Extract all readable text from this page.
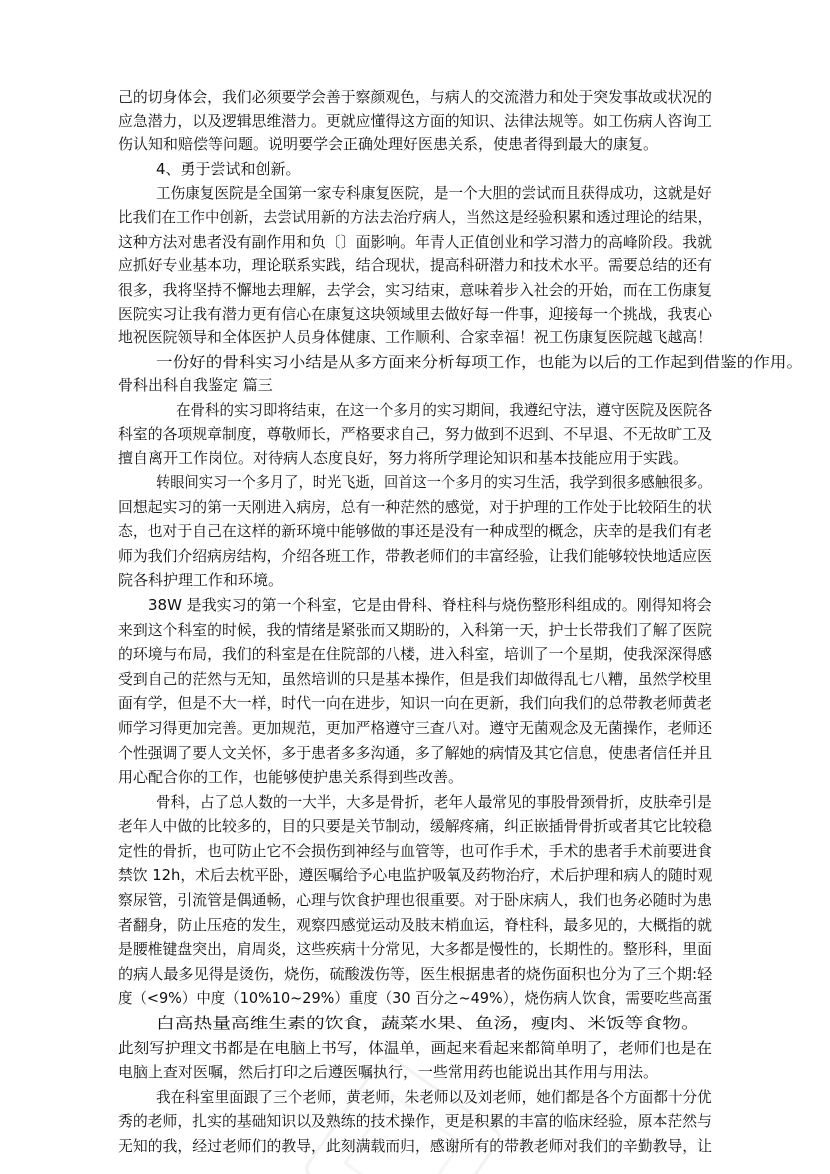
己的切身体会，我们必须要学会善于察颜观色，与病人的交流潜力和处于突发事故或状况的
应急潜力，以及逻辑思维潜力。更就应懂得这方面的知识、法律法规等。如工伤病人咨询工
伤认知和赔偿等问题。说明要学会正确处理好医患关系，使患者得到最大的康复。
4、勇于尝试和创新。
工伤康复医院是全国第一家专科康复医院，是一个大胆的尝试而且获得成功，这就是好
比我们在工作中创新，去尝试用新的方法去治疗病人，当然这是经验积累和透过理论的结果，
这种方法对患者没有副作用和负〔〕面影响。年青人正值创业和学习潜力的高峰阶段。我就
应抓好专业基本功，理论联系实践，结合现状，提高科研潜力和技术水平。需要总结的还有
很多，我将坚持不懈地去理解，去学会，实习结束，意味着步入社会的开始，而在工伤康复
医院实习让我有潜力更有信心在康复这块领域里去做好每一件事，迎接每一个挑战，我衷心
地祝医院领导和全体医护人员身体健康、工作顺利、合家幸福！祝工伤康复医院越飞越高！
一份好的骨科实习小结是从多方面来分析每项工作，也能为以后的工作起到借鉴的作用。
骨科出科自我鉴定 篇三
在骨科的实习即将结束，在这一个多月的实习期间，我遵纪守法，遵守医院及医院各
科室的各项规章制度，尊敬师长，严格要求自己，努力做到不迟到、不早退、不无故旷工及
擅自离开工作岗位。对待病人态度良好，努力将所学理论知识和基本技能应用于实践。
转眼间实习一个多月了，时光飞逝，回首这一个多月的实习生活，我学到很多感触很多。
回想起实习的第一天刚进入病房，总有一种茫然的感觉，对于护理的工作处于比较陌生的状
态，也对于自己在这样的新环境中能够做的事还是没有一种成型的概念，庆幸的是我们有老
师为我们介绍病房结构，介绍各班工作，带教老师们的丰富经验，让我们能够较快地适应医
院各科护理工作和环境。
38W 是我实习的第一个科室，它是由骨科、脊柱科与烧伤整形科组成的。刚得知将会
来到这个科室的时候，我的情绪是紧张而又期盼的，入科第一天，护士长带我们了解了医院
的环境与布局，我们的科室是在住院部的八楼，进入科室，培训了一个星期，使我深深得感
受到自己的茫然与无知，虽然培训的只是基本操作，但是我们却做得乱七八糟，虽然学校里
面有学，但是不大一样，时代一向在进步，知识一向在更新，我们向我们的总带教老师黄老
师学习得更加完善。更加规范，更加严格遵守三查八对。遵守无菌观念及无菌操作，老师还
个性强调了要人文关怀，多于患者多多沟通，多了解她的病情及其它信息，使患者信任并且
用心配合你的工作，也能够使护患关系得到些改善。
骨科，占了总人数的一大半，大多是骨折，老年人最常见的事股骨颈骨折，皮肤牵引是
老年人中做的比较多的，目的只要是关节制动，缓解疼痛，纠正嵌插骨骨折或者其它比较稳
定性的骨折，也可防止它不会损伤到神经与血管等，也可作手术，手术的患者手术前要进食
禁饮 12h，术后去枕平卧，遵医嘱给予心电监护吸氧及药物治疗，术后护理和病人的随时观
察尿管，引流管是偶通畅，心理与饮食护理也很重要。对于卧床病人，我们也务必随时为患
者翻身，防止压疮的发生，观察四感觉运动及肢末梢血运，脊柱科，最多见的，大概指的就
是腰椎键盘突出，肩周炎，这些疾病十分常见，大多都是慢性的，长期性的。整形科，里面
的病人最多见得是烫伤，烧伤，硫酸泼伤等，医生根据患者的烧伤面积也分为了三个期:轻
度（<9%）中度（10%10~29%）重度（30 百分之~49%），烧伤病人饮食，需要吃些高蛋
白高热量高维生素的饮食，蔬菜水果、鱼汤，瘦肉、米饭等食物。
此刻写护理文书都是在电脑上书写，体温单，画起来看起来都简单明了，老师们也是在
电脑上查对医嘱，然后打印之后遵医嘱执行，一些常用药也能说出其作用与用法。
我在科室里面跟了三个老师，黄老师，朱老师以及刘老师，她们都是各个方面都十分优
秀的老师，扎实的基础知识以及熟练的技术操作，更是积累的丰富的临床经验，原本茫然与
无知的我，经过老师们的教导，此刻满载而归，感谢所有的带教老师对我们的辛勤教导，让
